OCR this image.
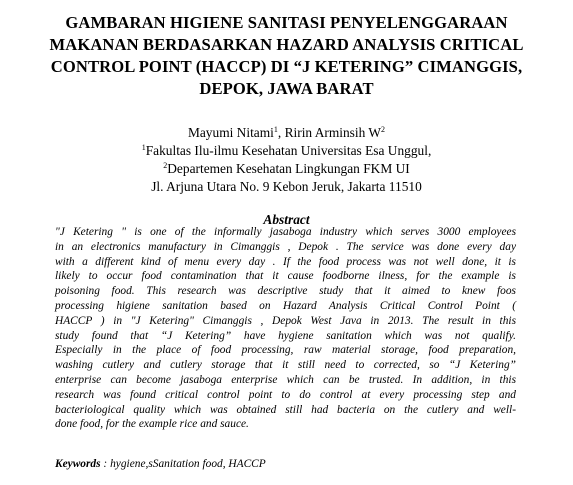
GAMBARAN HIGIENE SANITASI PENYELENGGARAAN
MAKANAN BERDASARKAN HAZARD ANALYSIS CRITICAL
CONTROL POINT (HACCP) DI “J KETERING” CIMANGGIS,
DEPOK, JAWA BARAT
Mayumi Nitami$^1$, Ririn Arminsih $W^2$
$^1$Fakultas Ilu-ilmu Kesehatan Universitas Esa Unggul,
$^2$Departemen Kesehatan Lingkungan FKM UI
Jl. Arjuna Utara No. 9 Kebon Jeruk, Jakarta 11510
Abstract
"J Ketering " is one of the informally jasaboga industry which serves 3000 employees
in an electronics manufactury in Cimanggis , Depok . The service was done every day
with a different kind of menu every day . If the food process was not well done, it is
likely to occur food contamination that it cause foodborne ilness, for the example is
poisoning food. This research was descriptive study that it aimed to knew foos
processing higiene sanitation based on Hazard Analysis Critical Control Point (
HACCP ) in "J Ketering" Cimanggis , Depok West Java in 2013. The result in this
study found that “J Ketering” have hygiene sanitation which was not qualify.
Especially in the place of food processing, raw material storage, food preparation,
washing cutlery and cutlery storage that it still need to corrected, so “J Ketering”
enterprise can become jasaboga enterprise which can be trusted. In addition, in this
research was found critical control point to do control at every processing step and
bacteriological quality which was obtained still had bacteria on the cutlery and well-
done food, for the example rice and sauce.
Keywords : hygiene,sSanitation food, HACCP
